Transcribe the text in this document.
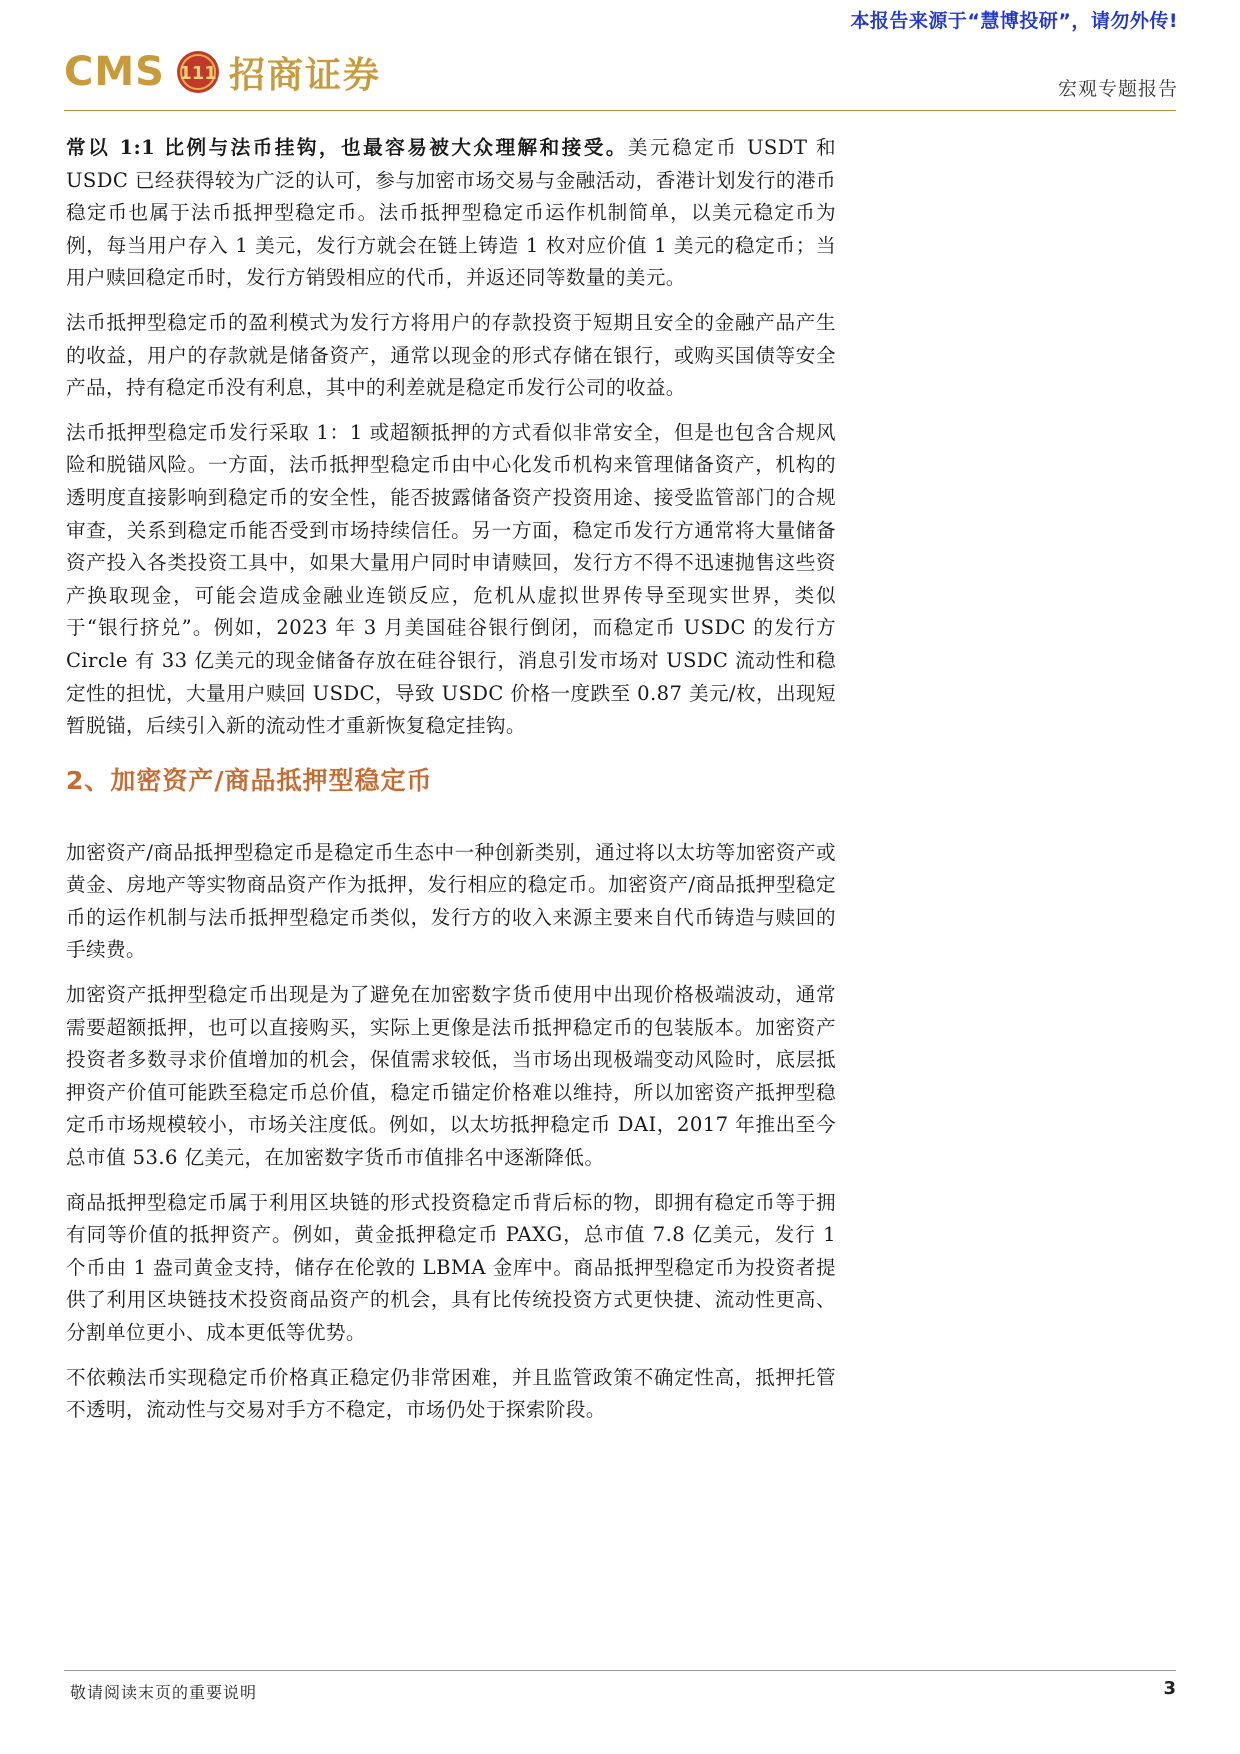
本报告来源于“慧博投研”，请勿外传!
CMS 111 招商证券	宏观专题报告

常以 1:1 比例与法币挂钩，也最容易被大众理解和接受。美元稳定币 USDT 和 USDC 已经获得较为广泛的认可，参与加密市场交易与金融活动，香港计划发行的港币稳定币也属于法币抵押型稳定币。法币抵押型稳定币运作机制简单，以美元稳定币为例，每当用户存入 1 美元，发行方就会在链上铸造 1 枚对应价值 1 美元的稳定币；当用户赎回稳定币时，发行方销毁相应的代币，并返还同等数量的美元。

法币抵押型稳定币的盈利模式为发行方将用户的存款投资于短期且安全的金融产品产生的收益，用户的存款就是储备资产，通常以现金的形式存储在银行，或购买国债等安全产品，持有稳定币没有利息，其中的利差就是稳定币发行公司的收益。

法币抵押型稳定币发行采取 1：1 或超额抵押的方式看似非常安全，但是也包含合规风险和脱锚风险。一方面，法币抵押型稳定币由中心化发币机构来管理储备资产，机构的透明度直接影响到稳定币的安全性，能否披露储备资产投资用途、接受监管部门的合规审查，关系到稳定币能否受到市场持续信任。另一方面，稳定币发行方通常将大量储备资产投入各类投资工具中，如果大量用户同时申请赎回，发行方不得不迅速抛售这些资产换取现金，可能会造成金融业连锁反应，危机从虚拟世界传导至现实世界，类似于“银行挤兑”。例如，2023 年 3 月美国硅谷银行倒闭，而稳定币 USDC 的发行方 Circle 有 33 亿美元的现金储备存放在硅谷银行，消息引发市场对 USDC 流动性和稳定性的担忧，大量用户赎回 USDC，导致 USDC 价格一度跌至 0.87 美元/枚，出现短暂脱锚，后续引入新的流动性才重新恢复稳定挂钩。

2、加密资产/商品抵押型稳定币

加密资产/商品抵押型稳定币是稳定币生态中一种创新类别，通过将以太坊等加密资产或黄金、房地产等实物商品资产作为抵押，发行相应的稳定币。加密资产/商品抵押型稳定币的运作机制与法币抵押型稳定币类似，发行方的收入来源主要来自代币铸造与赎回的手续费。

加密资产抵押型稳定币出现是为了避免在加密数字货币使用中出现价格极端波动，通常需要超额抵押，也可以直接购买，实际上更像是法币抵押稳定币的包装版本。加密资产投资者多数寻求价值增加的机会，保值需求较低，当市场出现极端变动风险时，底层抵押资产价值可能跌至稳定币总价值，稳定币锚定价格难以维持，所以加密资产抵押型稳定币市场规模较小，市场关注度低。例如，以太坊抵押稳定币 DAI，2017 年推出至今总市值 53.6 亿美元，在加密数字货币市值排名中逐渐降低。

商品抵押型稳定币属于利用区块链的形式投资稳定币背后标的物，即拥有稳定币等于拥有同等价值的抵押资产。例如，黄金抵押稳定币 PAXG，总市值 7.8 亿美元，发行 1 个币由 1 盎司黄金支持，储存在伦敦的 LBMA 金库中。商品抵押型稳定币为投资者提供了利用区块链技术投资商品资产的机会，具有比传统投资方式更快捷、流动性更高、分割单位更小、成本更低等优势。

不依赖法币实现稳定币价格真正稳定仍非常困难，并且监管政策不确定性高，抵押托管不透明，流动性与交易对手方不稳定，市场仍处于探索阶段。

敬请阅读末页的重要说明	3
